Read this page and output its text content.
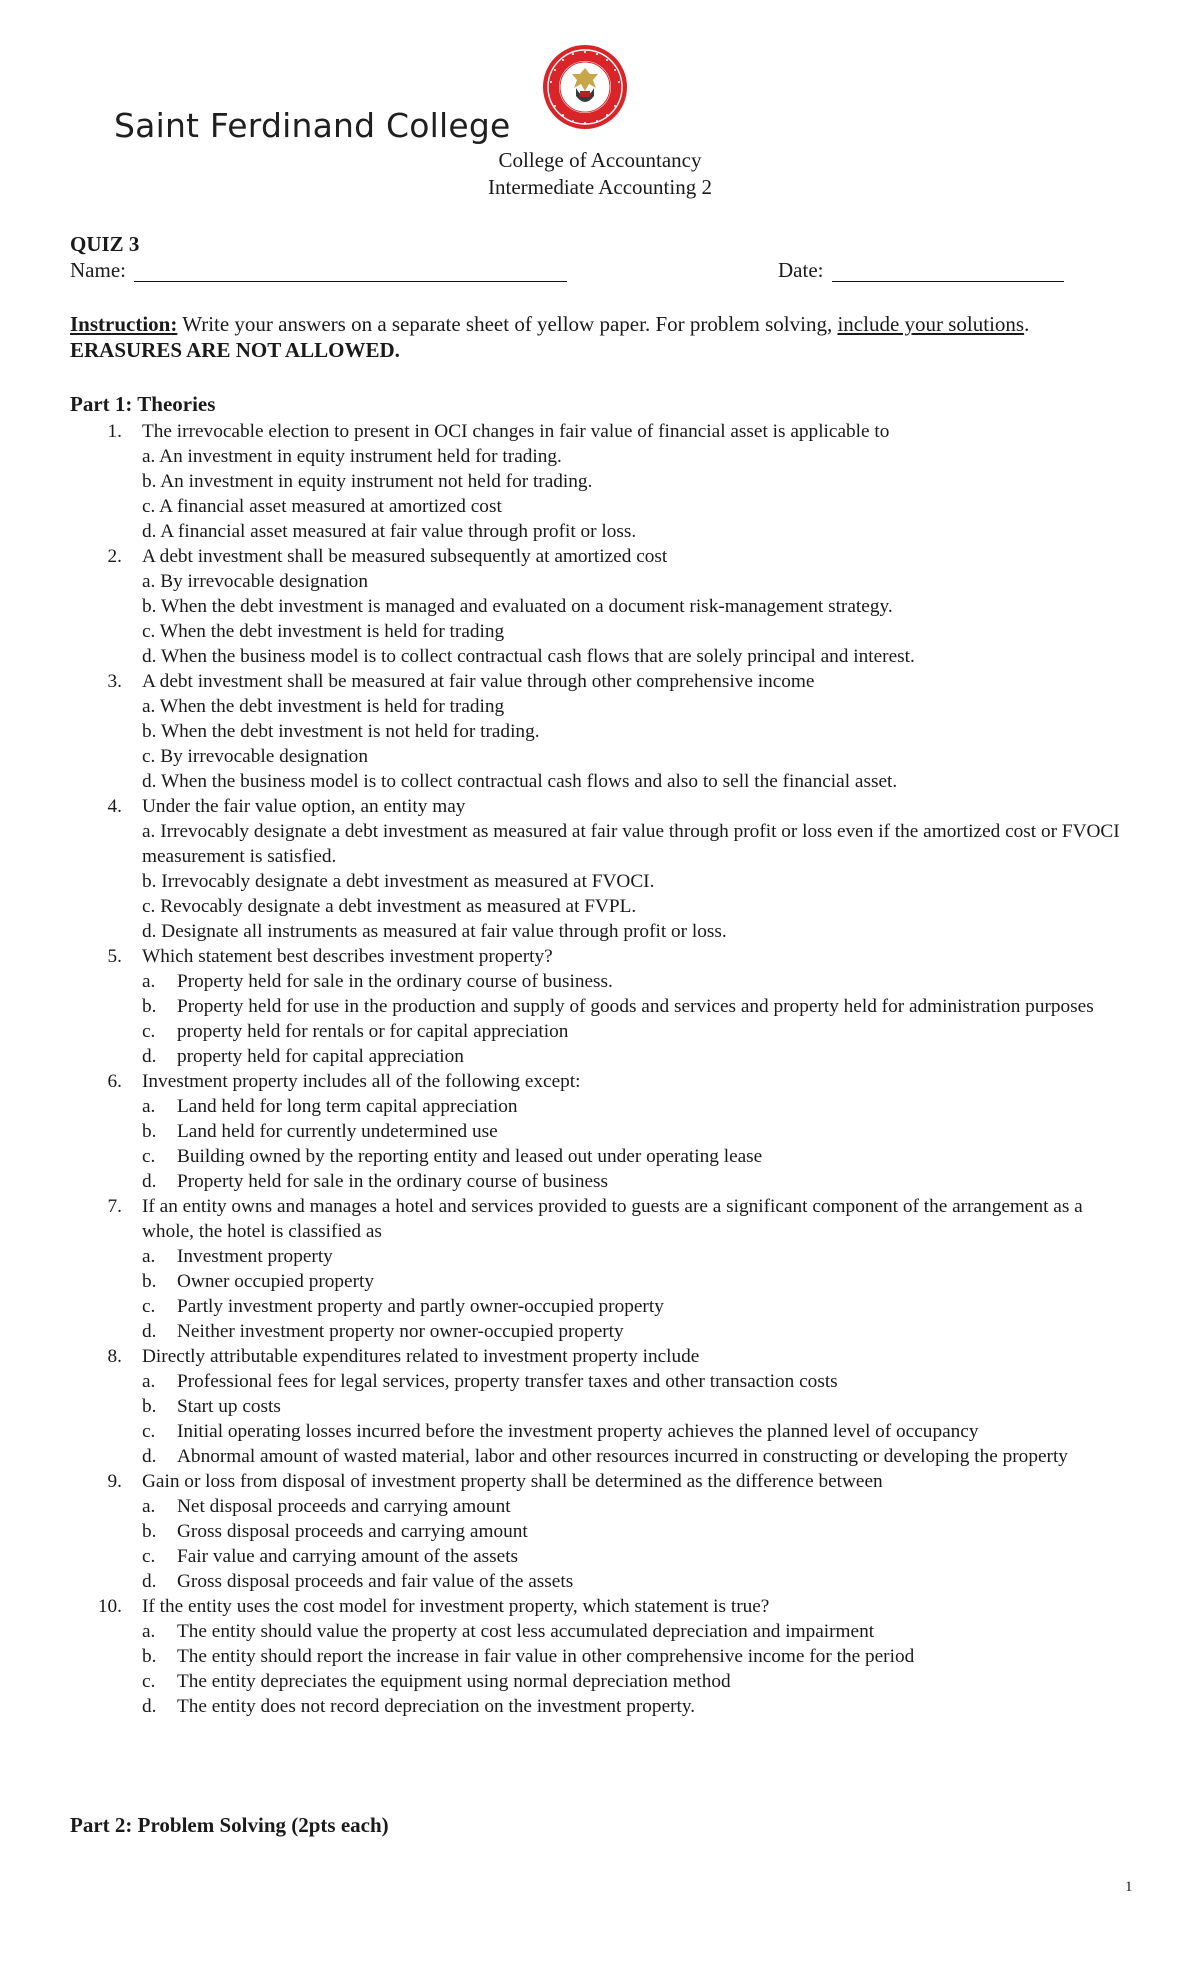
Saint Ferdinand College
College of Accountancy
Intermediate Accounting 2
QUIZ 3
Name:	Date:
Instruction: Write your answers on a separate sheet of yellow paper. For problem solving, include your solutions. ERASURES ARE NOT ALLOWED.
Part 1: Theories
1. The irrevocable election to present in OCI changes in fair value of financial asset is applicable to
a. An investment in equity instrument held for trading.
b. An investment in equity instrument not held for trading.
c. A financial asset measured at amortized cost
d. A financial asset measured at fair value through profit or loss.
2. A debt investment shall be measured subsequently at amortized cost
a. By irrevocable designation
b. When the debt investment is managed and evaluated on a document risk-management strategy.
c. When the debt investment is held for trading
d. When the business model is to collect contractual cash flows that are solely principal and interest.
3. A debt investment shall be measured at fair value through other comprehensive income
a. When the debt investment is held for trading
b. When the debt investment is not held for trading.
c. By irrevocable designation
d. When the business model is to collect contractual cash flows and also to sell the financial asset.
4. Under the fair value option, an entity may
a. Irrevocably designate a debt investment as measured at fair value through profit or loss even if the amortized cost or FVOCI measurement is satisfied.
b. Irrevocably designate a debt investment as measured at FVOCI.
c. Revocably designate a debt investment as measured at FVPL.
d. Designate all instruments as measured at fair value through profit or loss.
5. Which statement best describes investment property?
a. Property held for sale in the ordinary course of business.
b. Property held for use in the production and supply of goods and services and property held for administration purposes
c. property held for rentals or for capital appreciation
d. property held for capital appreciation
6. Investment property includes all of the following except:
a. Land held for long term capital appreciation
b. Land held for currently undetermined use
c. Building owned by the reporting entity and leased out under operating lease
d. Property held for sale in the ordinary course of business
7. If an entity owns and manages a hotel and services provided to guests are a significant component of the arrangement as a whole, the hotel is classified as
a. Investment property
b. Owner occupied property
c. Partly investment property and partly owner-occupied property
d. Neither investment property nor owner-occupied property
8. Directly attributable expenditures related to investment property include
a. Professional fees for legal services, property transfer taxes and other transaction costs
b. Start up costs
c. Initial operating losses incurred before the investment property achieves the planned level of occupancy
d. Abnormal amount of wasted material, labor and other resources incurred in constructing or developing the property
9. Gain or loss from disposal of investment property shall be determined as the difference between
a. Net disposal proceeds and carrying amount
b. Gross disposal proceeds and carrying amount
c. Fair value and carrying amount of the assets
d. Gross disposal proceeds and fair value of the assets
10. If the entity uses the cost model for investment property, which statement is true?
a. The entity should value the property at cost less accumulated depreciation and impairment
b. The entity should report the increase in fair value in other comprehensive income for the period
c. The entity depreciates the equipment using normal depreciation method
d. The entity does not record depreciation on the investment property.
Part 2: Problem Solving (2pts each)
1
